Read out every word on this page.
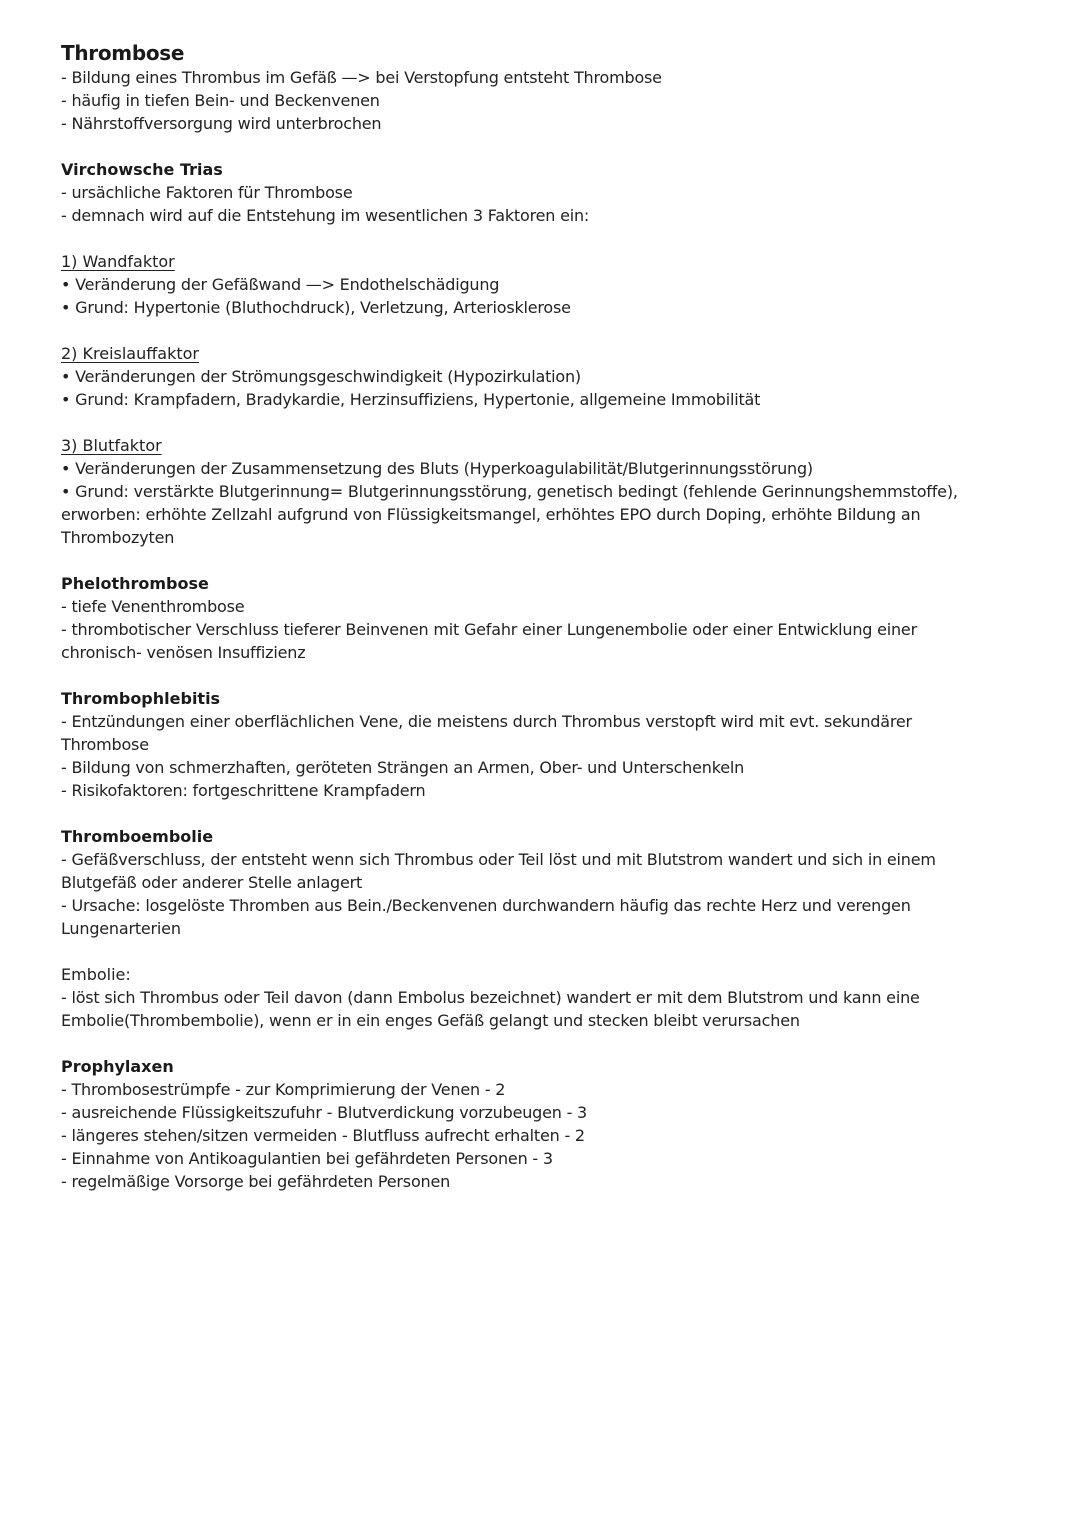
Thrombose

- Bildung eines Thrombus im Gefäß —> bei Verstopfung entsteht Thrombose

- häufig in tiefen Bein- und Beckenvenen

- Nährstoffversorgung wird unterbrochen

Virchowsche Trias

- ursächliche Faktoren für Thrombose

- demnach wird auf die Entstehung im wesentlichen 3 Faktoren ein:

1) Wandfaktor

• Veränderung der Gefäßwand —> Endothelschädigung

• Grund: Hypertonie (Bluthochdruck), Verletzung, Arteriosklerose

2) Kreislauffaktor

• Veränderungen der Strömungsgeschwindigkeit (Hypozirkulation)

• Grund: Krampfadern, Bradykardie, Herzinsuffiziens, Hypertonie, allgemeine Immobilität

3) Blutfaktor

• Veränderungen der Zusammensetzung des Bluts (Hyperkoagulabilität/Blutgerinnungsstörung)

• Grund: verstärkte Blutgerinnung= Blutgerinnungsstörung, genetisch bedingt (fehlende Gerinnungshemmstoffe),

erworben: erhöhte Zellzahl aufgrund von Flüssigkeitsmangel, erhöhtes EPO durch Doping, erhöhte Bildung an

Thrombozyten

Phelothrombose

- tiefe Venenthrombose

- thrombotischer Verschluss tieferer Beinvenen mit Gefahr einer Lungenembolie oder einer Entwicklung einer

chronisch- venösen Insuffizienz

Thrombophlebitis

- Entzündungen einer oberflächlichen Vene, die meistens durch Thrombus verstopft wird mit evt. sekundärer

Thrombose

- Bildung von schmerzhaften, geröteten Strängen an Armen, Ober- und Unterschenkeln

- Risikofaktoren: fortgeschrittene Krampfadern

Thromboembolie

- Gefäßverschluss, der entsteht wenn sich Thrombus oder Teil löst und mit Blutstrom wandert und sich in einem

Blutgefäß oder anderer Stelle anlagert

- Ursache: losgelöste Thromben aus Bein./Beckenvenen durchwandern häufig das rechte Herz und verengen

Lungenarterien

Embolie:

- löst sich Thrombus oder Teil davon (dann Embolus bezeichnet) wandert er mit dem Blutstrom und kann eine

Embolie(Thrombembolie), wenn er in ein enges Gefäß gelangt und stecken bleibt verursachen

Prophylaxen

- Thrombosestrümpfe - zur Komprimierung der Venen - 2

- ausreichende Flüssigkeitszufuhr - Blutverdickung vorzubeugen - 3

- längeres stehen/sitzen vermeiden - Blutfluss aufrecht erhalten - 2

- Einnahme von Antikoagulantien bei gefährdeten Personen - 3

- regelmäßige Vorsorge bei gefährdeten Personen
